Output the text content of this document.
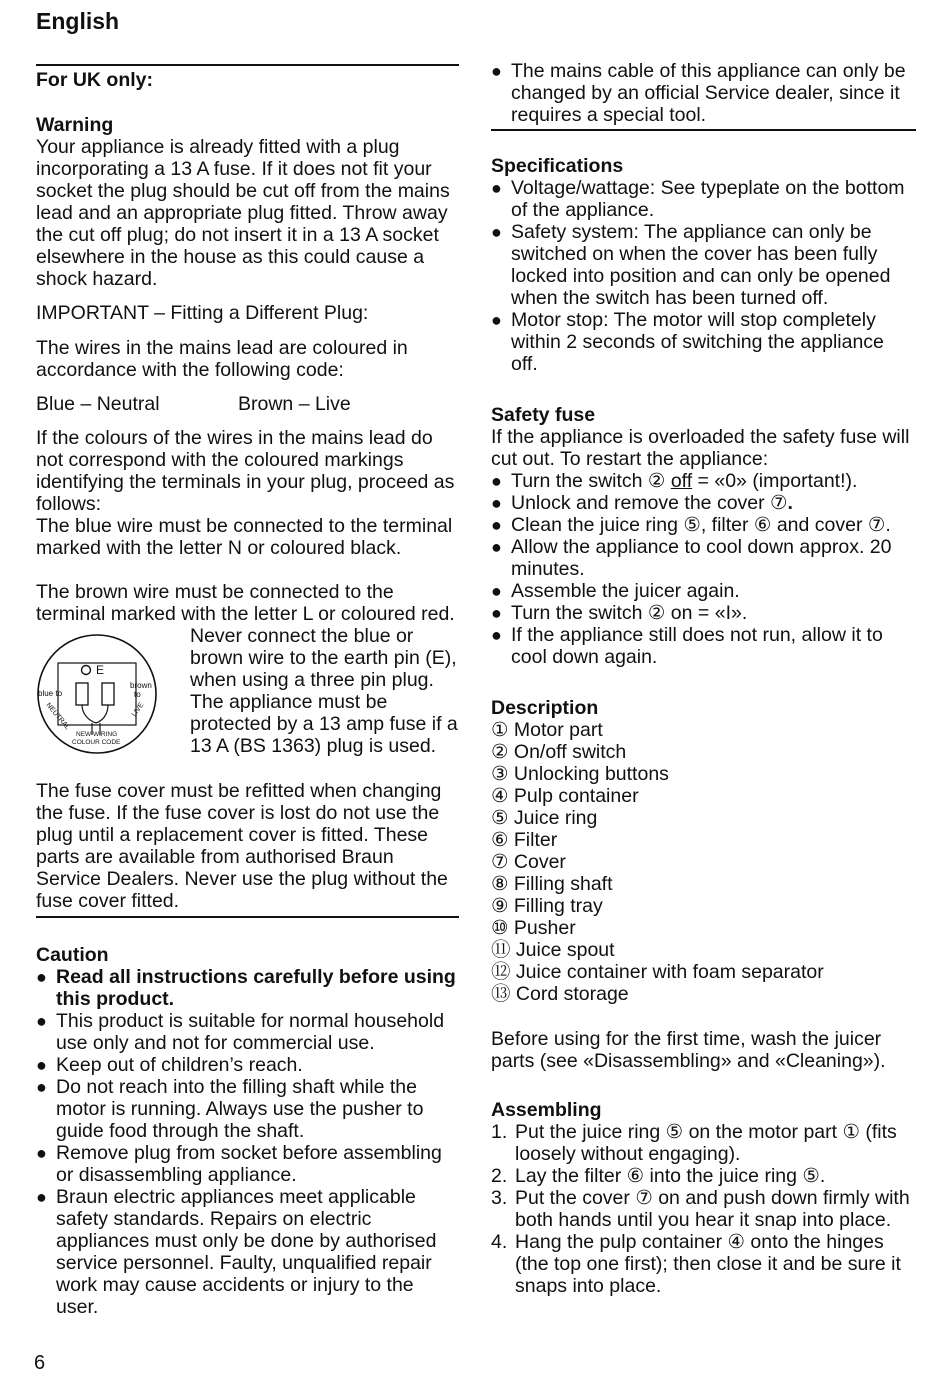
English
For UK only:
Warning
Your appliance is already fitted with a plug incorporating a 13 A fuse. If it does not fit your socket the plug should be cut off from the mains lead and an appropriate plug fitted. Throw away the cut off plug; do not insert it in a 13 A socket elsewhere in the house as this could cause a shock hazard.
IMPORTANT – Fitting a Different Plug:
The wires in the mains lead are coloured in accordance with the following code:
Blue – Neutral	Brown – Live
If the colours of the wires in the mains lead do not correspond with the coloured markings identifying the terminals in your plug, proceed as follows:
The blue wire must be connected to the terminal marked with the letter N or coloured black.
The brown wire must be connected to the terminal marked with the letter L or coloured red.
E
blue to
NEUTRAL
brown
to
LIVE
NEW WIRING
COLOUR CODE
Never connect the blue or brown wire to the earth pin (E), when using a three pin plug. The appliance must be protected by a 13 amp fuse if a 13 A (BS 1363) plug is used.
The fuse cover must be refitted when changing the fuse. If the fuse cover is lost do not use the plug until a replacement cover is fitted. These parts are available from authorised Braun Service Dealers. Never use the plug without the fuse cover fitted.
Caution
● Read all instructions carefully before using this product.
● This product is suitable for normal household use only and not for commercial use.
● Keep out of children’s reach.
● Do not reach into the filling shaft while the motor is running. Always use the pusher to guide food through the shaft.
● Remove plug from socket before assembling or disassembling appliance.
● Braun electric appliances meet applicable safety standards. Repairs on electric appliances must only be done by authorised service personnel. Faulty, unqualified repair work may cause accidents or injury to the user.
● The mains cable of this appliance can only be changed by an official Service dealer, since it requires a special tool.
Specifications
● Voltage/wattage: See typeplate on the bottom of the appliance.
● Safety system: The appliance can only be switched on when the cover has been fully locked into position and can only be opened when the switch has been turned off.
● Motor stop: The motor will stop completely within 2 seconds of switching the appliance off.
Safety fuse
If the appliance is overloaded the safety fuse will cut out. To restart the appliance:
● Turn the switch ② off = «0» (important!).
● Unlock and remove the cover ⑦.
● Clean the juice ring ⑤, filter ⑥ and cover ⑦.
● Allow the appliance to cool down approx. 20 minutes.
● Assemble the juicer again.
● Turn the switch ② on = «I».
● If the appliance still does not run, allow it to cool down again.
Description
① Motor part
② On/off switch
③ Unlocking buttons
④ Pulp container
⑤ Juice ring
⑥ Filter
⑦ Cover
⑧ Filling shaft
⑨ Filling tray
⑩ Pusher
⑪ Juice spout
⑫ Juice container with foam separator
⑬ Cord storage
Before using for the first time, wash the juicer parts (see «Disassembling» and «Cleaning»).
Assembling
1. Put the juice ring ⑤ on the motor part ① (fits loosely without engaging).
2. Lay the filter ⑥ into the juice ring ⑤.
3. Put the cover ⑦ on and push down firmly with both hands until you hear it snap into place.
4. Hang the pulp container ④ onto the hinges (the top one first); then close it and be sure it snaps into place.
6
